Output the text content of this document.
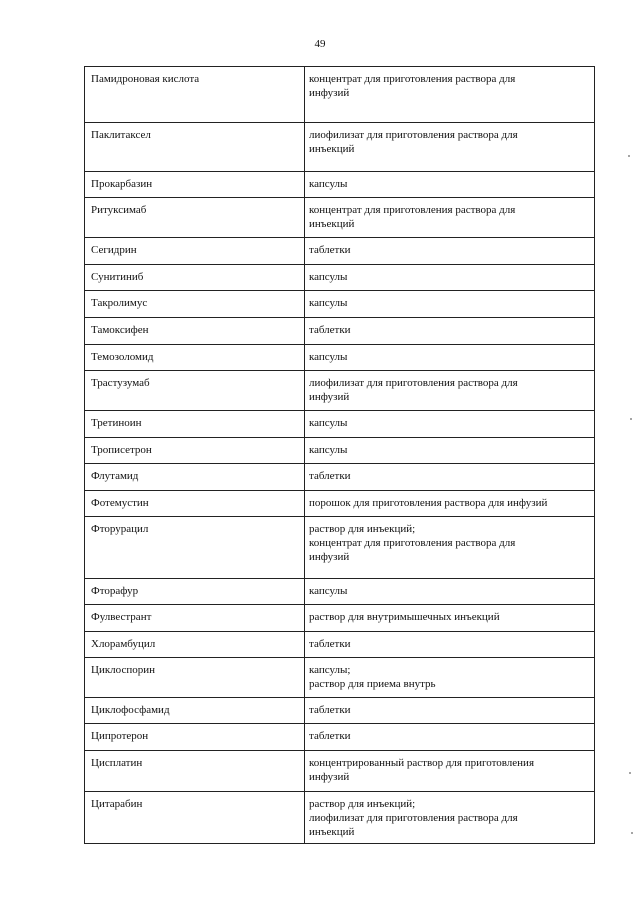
49
Памидроновая кислота	концентрат для приготовления раствора для
инфузий

Паклитаксел	лиофилизат для приготовления раствора для
инъекций

Прокарбазин	капсулы

Ритуксимаб	концентрат для приготовления раствора для
инъекций

Сегидрин	таблетки

Сунитиниб	капсулы

Такролимус	капсулы

Тамоксифен	таблетки

Темозоломид	капсулы

Трастузумаб	лиофилизат для приготовления раствора для
инфузий

Третиноин	капсулы

Трописетрон	капсулы

Флутамид	таблетки

Фотемустин	порошок для приготовления раствора для инфузий

Фторурацил	раствор для инъекций;
концентрат для приготовления раствора для
инфузий

Фторафур	капсулы

Фулвестрант	раствор для внутримышечных инъекций

Хлорамбуцил	таблетки

Циклоспорин	капсулы;
раствор для приема внутрь

Циклофосфамид	таблетки

Ципротерон	таблетки

Цисплатин	концентрированный раствор для приготовления
инфузий

Цитарабин	раствор для инъекций;
лиофилизат для приготовления раствора для
инъекций
